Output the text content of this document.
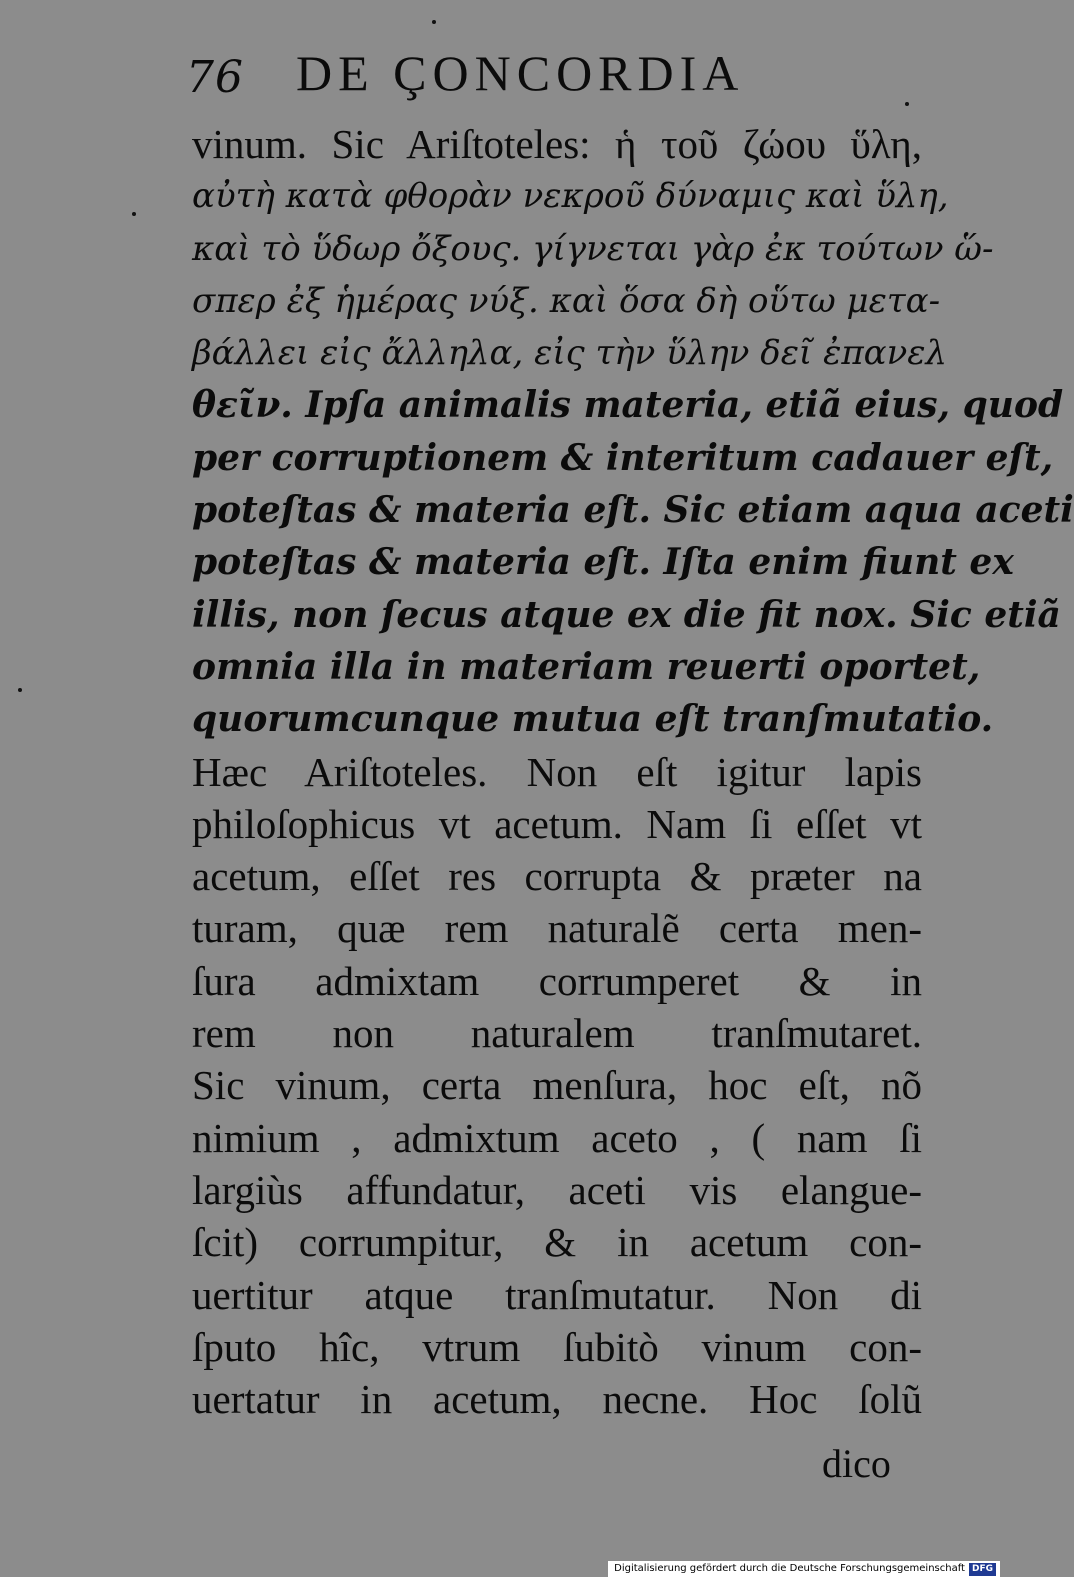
76 DE ÇONCORDIA
vinum. Sic Ariſtoteles: ἡ τοῦ ζώου ὕλη,
αὐτὴ κατὰ φθορὰν νεκροῦ δύναμις καὶ ὕλη,
καὶ τὸ ὕδωρ ὄξους. γίγνεται γὰρ ἐκ τούτων ὥ-
σπερ ἐξ ἡμέρας νύξ. καὶ ὅσα δὴ οὕτω μετα-
βάλλει εἰς ἄλληλα, εἰς τὴν ὕλην δεῖ ἐπανελ
θεῖν. Ipſa animalis materia, etiã eius, quod
per corruptionem & interitum cadauer eſt,
poteſtas & materia eſt. Sic etiam aqua aceti
poteſtas & materia eſt. Iſta enim fiunt ex
illis, non ſecus atque ex die fit nox. Sic etiã
omnia illa in materiam reuerti oportet,
quorumcunque mutua eſt tranſmutatio.
Hæc Ariſtoteles. Non eſt igitur lapis
philoſophicus vt acetum. Nam ſi eſſet vt
acetum, eſſet res corrupta & præter na
turam, quæ rem naturalẽ certa men-
ſura admixtam corrumperet & in
rem non naturalem tranſmutaret.
Sic vinum, certa menſura, hoc eſt, nõ
nimium , admixtum aceto , ( nam ſi
largiùs affundatur, aceti vis elangue-
ſcit) corrumpitur, & in acetum con-
uertitur atque tranſmutatur. Non di
ſputo hîc, vtrum ſubitò vinum con-
uertatur in acetum, necne. Hoc ſolũ
dico
Digitalisierung gefördert durch die Deutsche Forschungsgemeinschaft DFG
